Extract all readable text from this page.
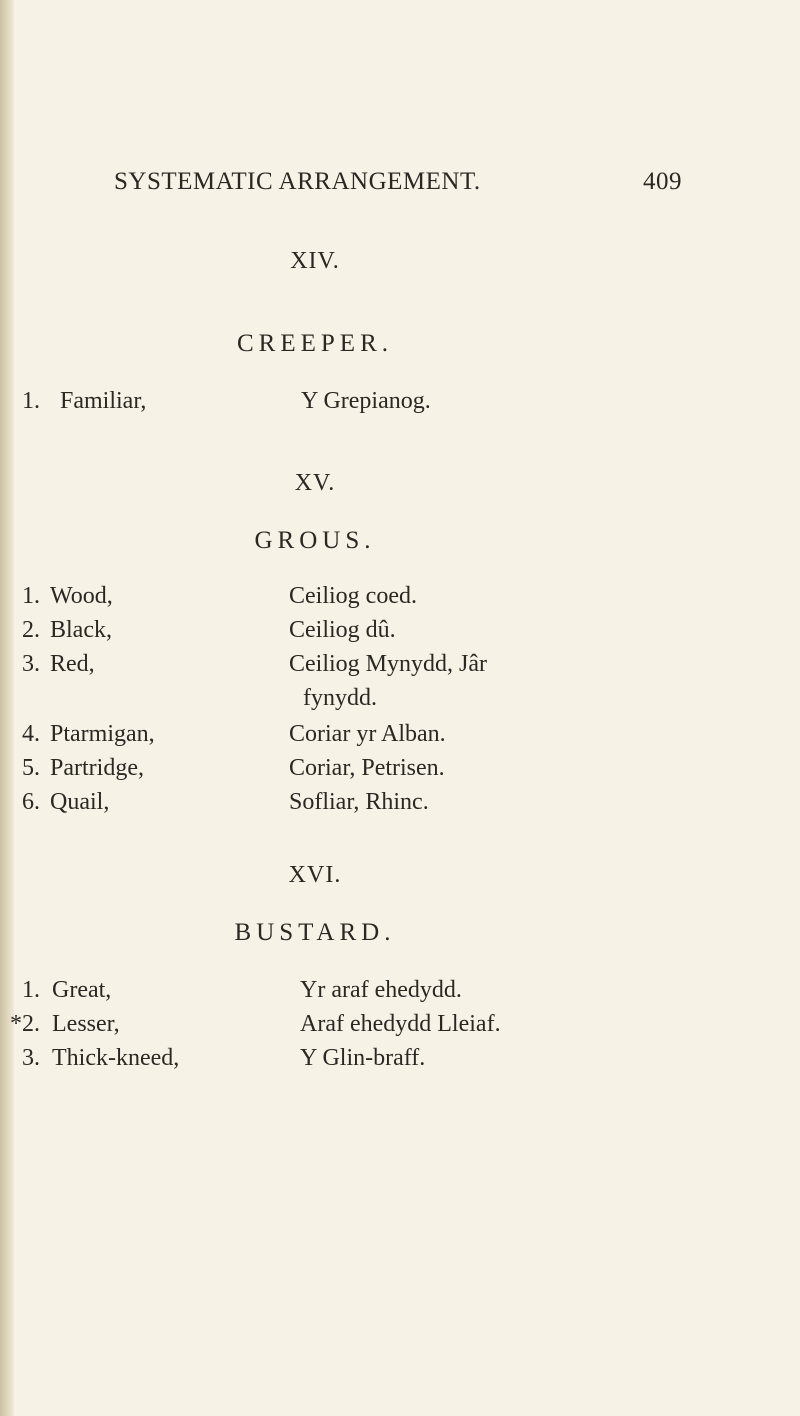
SYSTEMATIC ARRANGEMENT.	409
XIV.
CREEPER.
1. Familiar,	Y Grepianog.
XV.
GROUS.
1. Wood,	Ceiliog coed.
2. Black,	Ceiliog dû.
3. Red,	Ceiliog Mynydd, Jâr
fynydd.
4. Ptarmigan,	Coriar yr Alban.
5. Partridge,	Coriar, Petrisen.
6. Quail,	Sofliar, Rhinc.
XVI.
BUSTARD.
1. Great,	Yr araf ehedydd.
*2. Lesser,	Araf ehedydd Lleiaf.
3. Thick-kneed,	Y Glin-braff.
